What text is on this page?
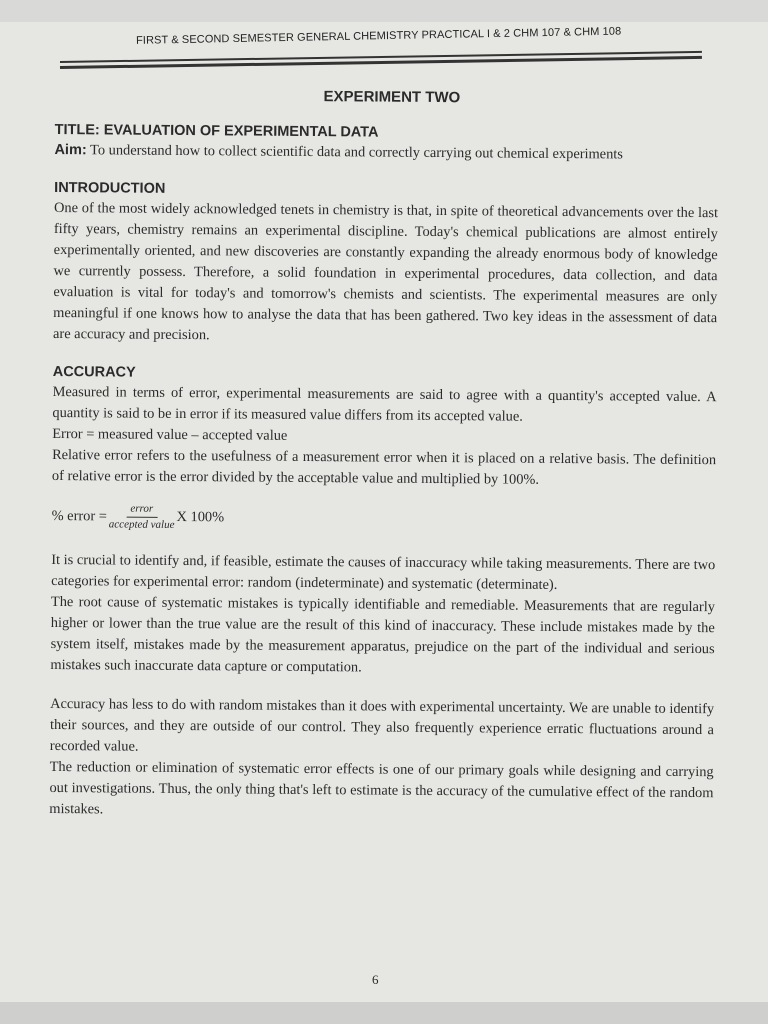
FIRST & SECOND SEMESTER GENERAL CHEMISTRY PRACTICAL I & 2 CHM 107 & CHM 108
EXPERIMENT TWO
TITLE: EVALUATION OF EXPERIMENTAL DATA

Aim: To understand how to collect scientific data and correctly carrying out chemical experiments

INTRODUCTION

One of the most widely acknowledged tenets in chemistry is that, in spite of theoretical advancements over the last fifty years, chemistry remains an experimental discipline. Today's chemical publications are almost entirely experimentally oriented, and new discoveries are constantly expanding the already enormous body of knowledge we currently possess. Therefore, a solid foundation in experimental procedures, data collection, and data evaluation is vital for today's and tomorrow's chemists and scientists. The experimental measures are only meaningful if one knows how to analyse the data that has been gathered. Two key ideas in the assessment of data are accuracy and precision.

ACCURACY

Measured in terms of error, experimental measurements are said to agree with a quantity's accepted value. A quantity is said to be in error if its measured value differs from its accepted value.

Error = measured value – accepted value

Relative error refers to the usefulness of a measurement error when it is placed on a relative basis. The definition of relative error is the error divided by the acceptable value and multiplied by 100%.

% error = $\frac{\text{error}}{\text{accepted value}}$ X 100%

It is crucial to identify and, if feasible, estimate the causes of inaccuracy while taking measurements. There are two categories for experimental error: random (indeterminate) and systematic (determinate).

The root cause of systematic mistakes is typically identifiable and remediable. Measurements that are regularly higher or lower than the true value are the result of this kind of inaccuracy. These include mistakes made by the system itself, mistakes made by the measurement apparatus, prejudice on the part of the individual and serious mistakes such inaccurate data capture or computation.

Accuracy has less to do with random mistakes than it does with experimental uncertainty. We are unable to identify their sources, and they are outside of our control. They also frequently experience erratic fluctuations around a recorded value.

The reduction or elimination of systematic error effects is one of our primary goals while designing and carrying out investigations. Thus, the only thing that's left to estimate is the accuracy of the cumulative effect of the random mistakes.

6
